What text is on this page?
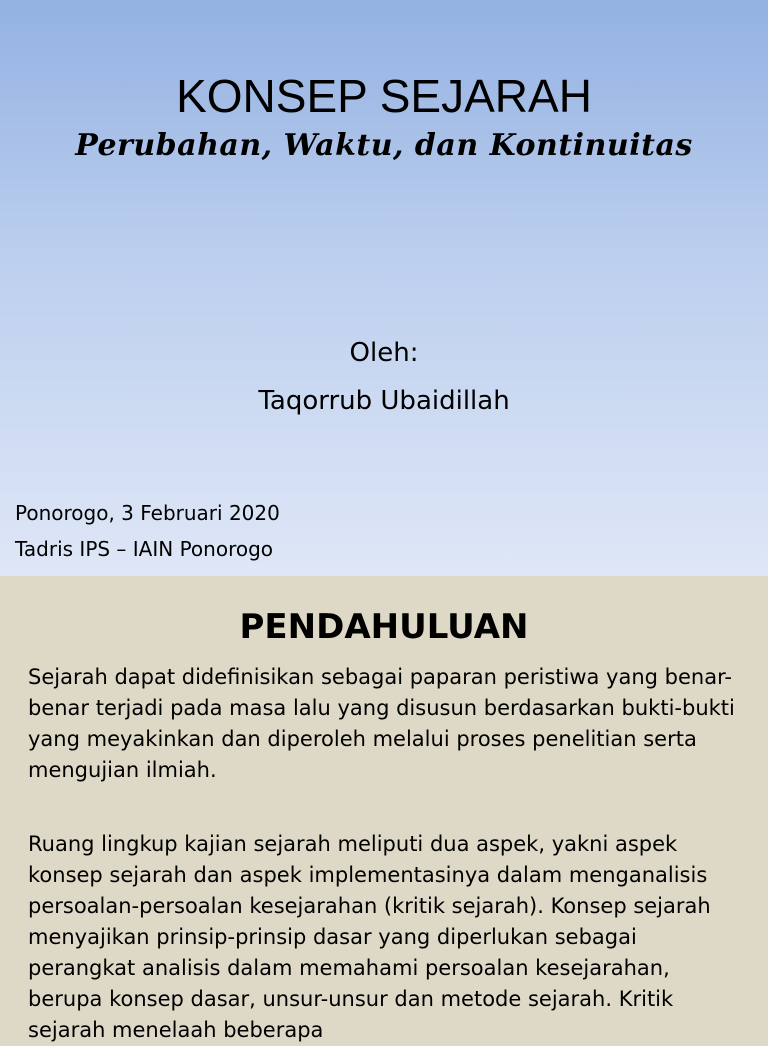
KONSEP SEJARAH
Perubahan, Waktu, dan Kontinuitas
Oleh:
Taqorrub Ubaidillah
Ponorogo, 3 Februari 2020
Tadris IPS – IAIN Ponorogo
PENDAHULUAN

Sejarah dapat didefinisikan sebagai paparan peristiwa yang benar-benar terjadi pada masa lalu yang disusun berdasarkan bukti-bukti yang meyakinkan dan diperoleh melalui proses penelitian serta mengujian ilmiah.

Ruang lingkup kajian sejarah meliputi dua aspek, yakni aspek konsep sejarah dan aspek implementasinya dalam menganalisis persoalan-persoalan kesejarahan (kritik sejarah). Konsep sejarah menyajikan prinsip-prinsip dasar yang diperlukan sebagai perangkat analisis dalam memahami persoalan kesejarahan, berupa konsep dasar, unsur-unsur dan metode sejarah. Kritik sejarah menelaah beberapa
